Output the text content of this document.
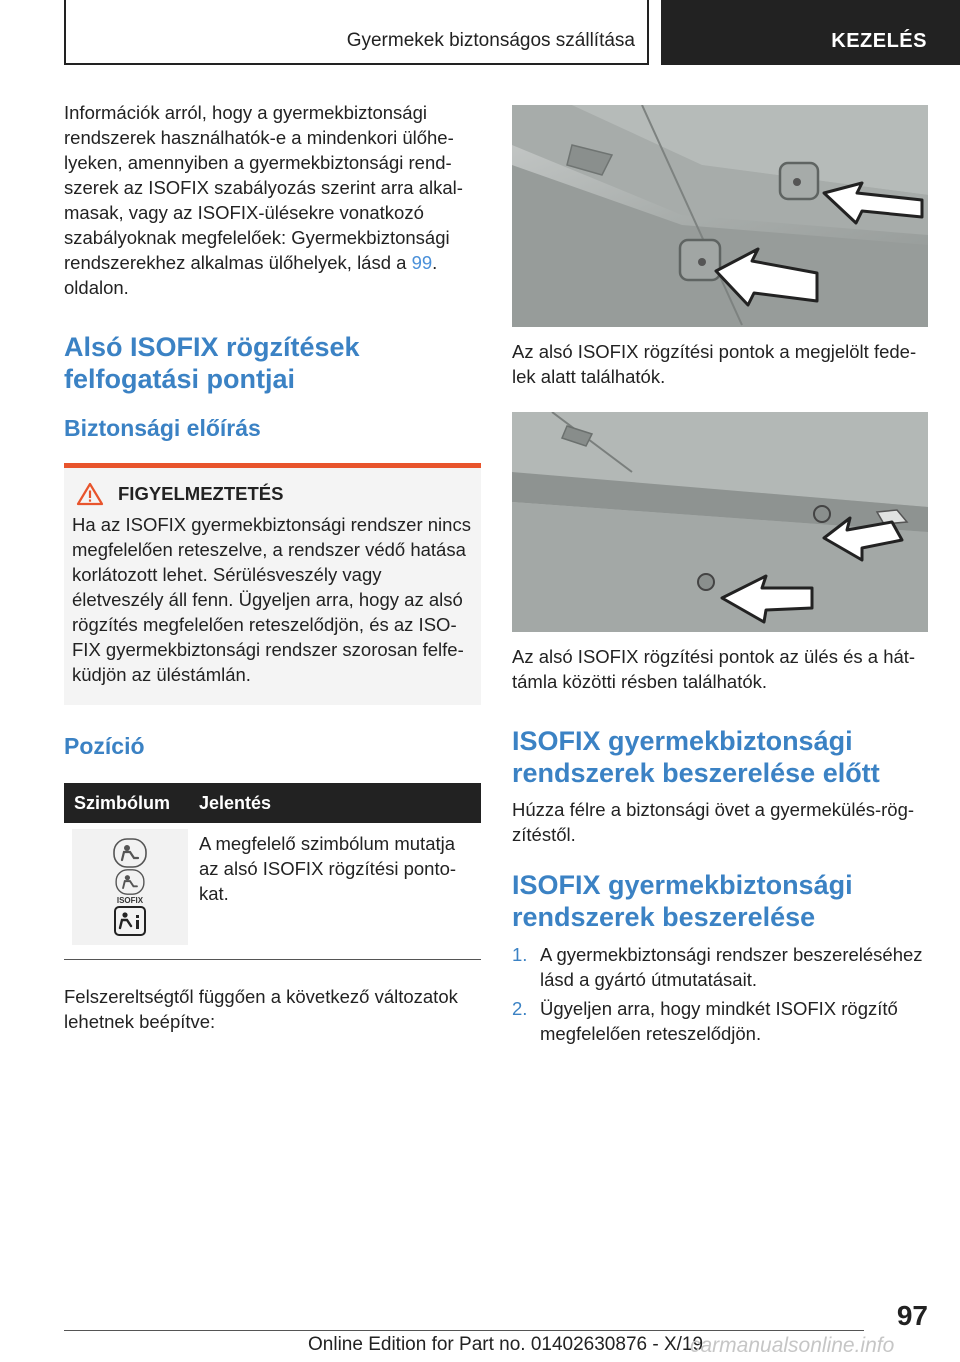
Gyermekek biztonságos szállítása	KEZELÉS

Információk arról, hogy a gyermekbiztonsági rendszerek használhatók-e a mindenkori ülőhelyeken, amennyiben a gyermekbiztonsági rendszerek az ISOFIX szabályozás szerint arra alkalmasak, vagy az ISOFIX-ülésekre vonatkozó szabályoknak megfelelőek: Gyermekbiztonsági rendszerekhez alkalmas ülőhelyek, lásd a 99. oldalon.

Alsó ISOFIX rögzítések felfogatási pontjai
Biztonsági előírás
FIGYELMEZTETÉS

Ha az ISOFIX gyermekbiztonsági rendszer nincs megfelelően reteszelve, a rendszer védő hatása korlátozott lehet. Sérülésveszély vagy életveszély áll fenn. Ügyeljen arra, hogy az alsó rögzítés megfelelően reteszelődjön, és az ISOFIX gyermekbiztonsági rendszer szorosan felfeküdjön az üléstámlán.

Pozíció
Szimbólum	Jelentés

ISOFIX	A megfelelő szimbólum mutatja az alsó ISOFIX rögzítési pontokat.

Felszereltségtől függően a következő változatok lehetnek beépítve:

Az alsó ISOFIX rögzítési pontok a megjelölt fedelek alatt találhatók.

Az alsó ISOFIX rögzítési pontok az ülés és a háttámla közötti résben találhatók.

ISOFIX gyermekbiztonsági rendszerek beszerelése előtt

Húzza félre a biztonsági övet a gyermekülés-rögzítéstől.

ISOFIX gyermekbiztonsági rendszerek beszerelése
1. A gyermekbiztonsági rendszer beszereléséhez lásd a gyártó útmutatásait.
2. Ügyeljen arra, hogy mindkét ISOFIX rögzítő megfelelően reteszelődjön.
97
Online Edition for Part no. 01402630876 - X/19
carmanualsonline.info
